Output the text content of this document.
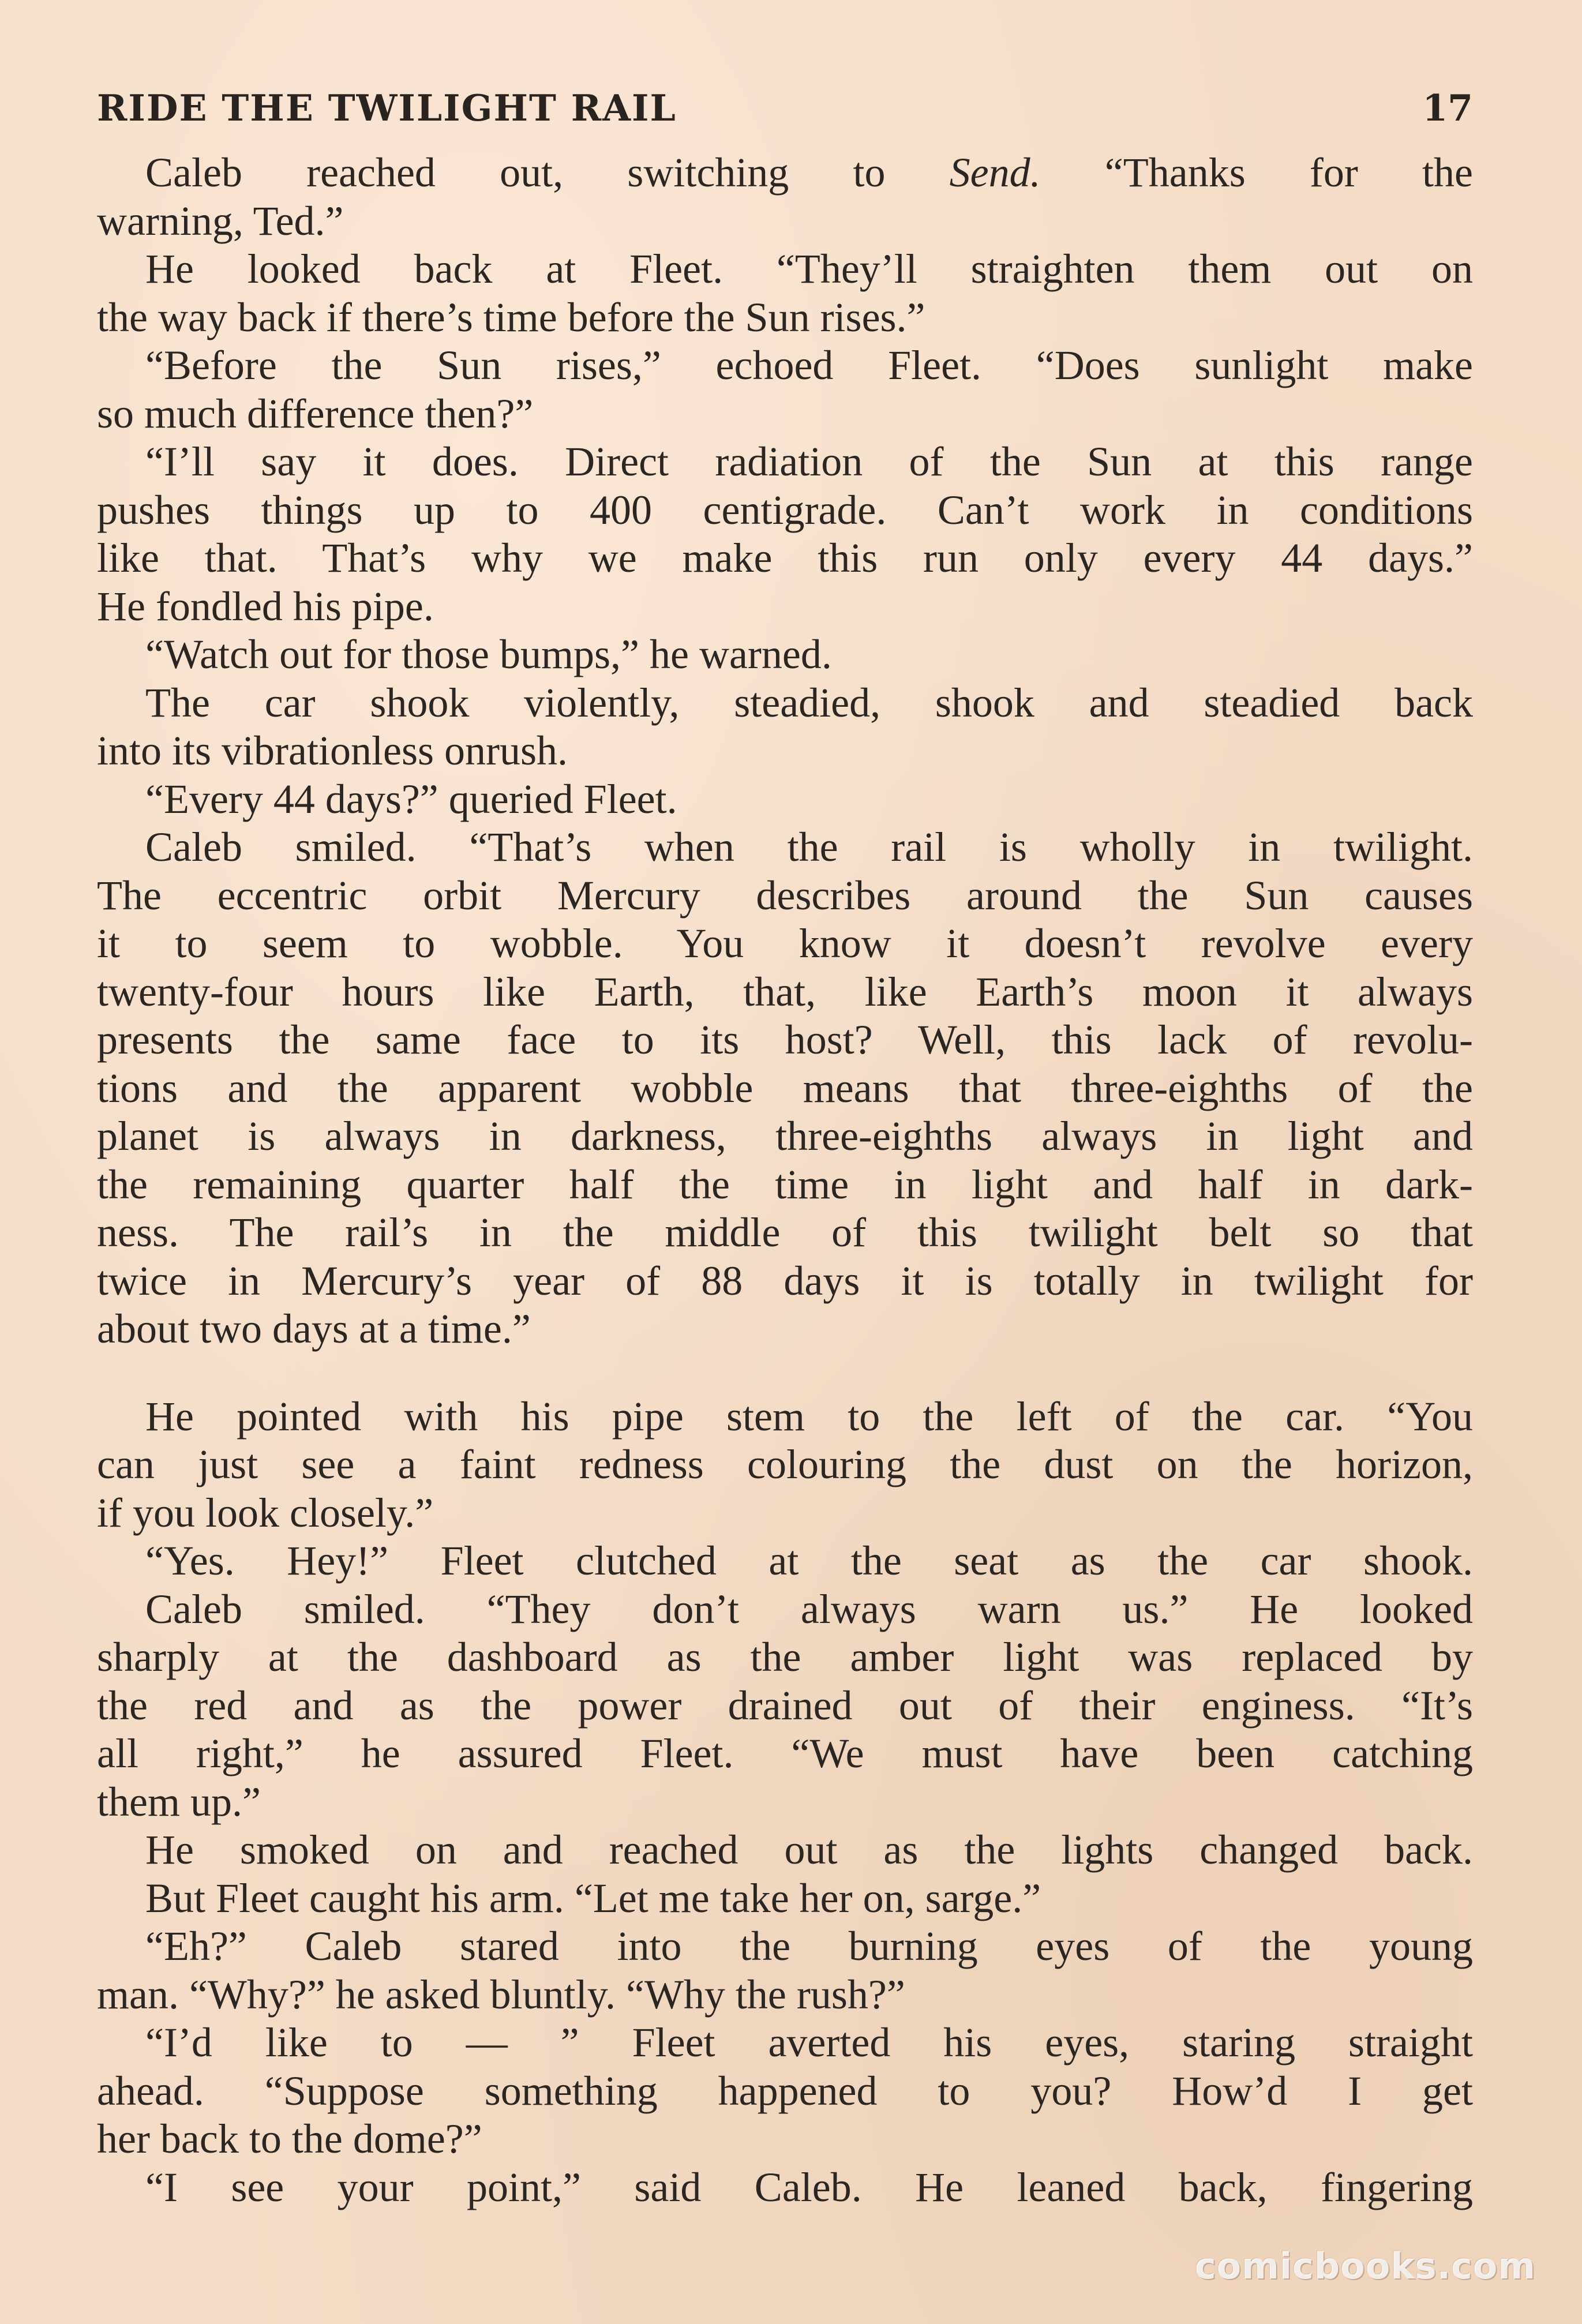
RIDE THE TWILIGHT RAIL	17
Caleb reached out, switching to Send. “Thanks for the
warning, Ted.”
He looked back at Fleet. “They’ll straighten them out on
the way back if there’s time before the Sun rises.”
“Before the Sun rises,” echoed Fleet. “Does sunlight make
so much difference then?”
“I’ll say it does. Direct radiation of the Sun at this range
pushes things up to 400 centigrade. Can’t work in conditions
like that. That’s why we make this run only every 44 days.”
He fondled his pipe.
“Watch out for those bumps,” he warned.
The car shook violently, steadied, shook and steadied back
into its vibrationless onrush.
“Every 44 days?” queried Fleet.
Caleb smiled. “That’s when the rail is wholly in twilight.
The eccentric orbit Mercury describes around the Sun causes
it to seem to wobble. You know it doesn’t revolve every
twenty-four hours like Earth, that, like Earth’s moon it always
presents the same face to its host? Well, this lack of revolu-
tions and the apparent wobble means that three-eighths of the
planet is always in darkness, three-eighths always in light and
the remaining quarter half the time in light and half in dark-
ness. The rail’s in the middle of this twilight belt so that
twice in Mercury’s year of 88 days it is totally in twilight for
about two days at a time.”
He pointed with his pipe stem to the left of the car. “You
can just see a faint redness colouring the dust on the horizon,
if you look closely.”
“Yes. Hey!” Fleet clutched at the seat as the car shook.
Caleb smiled. “They don’t always warn us.” He looked
sharply at the dashboard as the amber light was replaced by
the red and as the power drained out of their enginess. “It’s
all right,” he assured Fleet. “We must have been catching
them up.”
He smoked on and reached out as the lights changed back.
But Fleet caught his arm. “Let me take her on, sarge.”
“Eh?” Caleb stared into the burning eyes of the young
man. “Why?” he asked bluntly. “Why the rush?”
“I’d like to — ” Fleet averted his eyes, staring straight
ahead. “Suppose something happened to you? How’d I get
her back to the dome?”
“I see your point,” said Caleb. He leaned back, fingering
comicbooks.com
